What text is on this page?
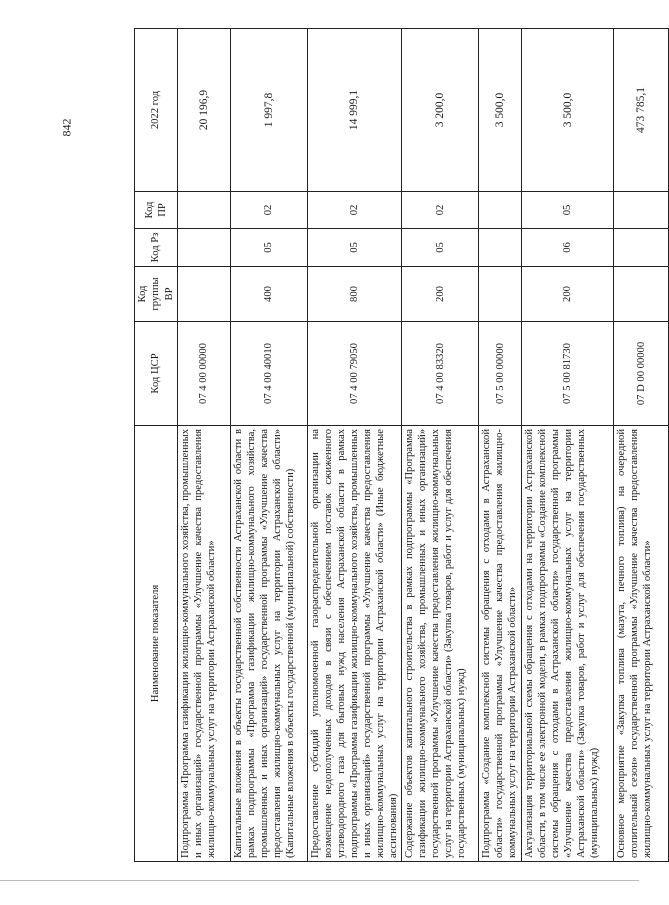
842
Наименование показателя	Код ЦСР	Код группы ВР	Код Рз	Код ПР	2022 год
Подпрограмма «Программа газификации жилищно-коммунального хозяйства, промышленных и иных организаций» государственной программы «Улучшение качества предоставления жилищно-коммунальных услуг на территории Астраханской области»	07 4 00 00000				20 196,9
Капитальные вложения в объекты государственной собственности Астраханской области в рамках подпрограммы «Программа газификации жилищно-коммунального хозяйства, промышленных и иных организаций» государственной программы «Улучшение качества предоставления жилищно-коммунальных услуг на территории Астраханской области» (Капитальные вложения в объекты государственной (муниципальной) собственности)	07 4 00 40010	400	05	02	1 997,8
Предоставление субсидий уполномоченной газораспределительной организации на возмещение недополученных доходов в связи с обеспечением поставок сжиженного углеводородного газа для бытовых нужд населения Астраханской области в рамках подпрограммы «Программа газификации жилищно-коммунального хозяйства, промышленных и иных организаций» государственной программы «Улучшение качества предоставления жилищно-коммунальных услуг на территории Астраханской области» (Иные бюджетные ассигнования)	07 4 00 79050	800	05	02	14 999,1
Содержание объектов капитального строительства в рамках подпрограммы «Программа газификации жилищно-коммунального хозяйства, промышленных и иных организаций» государственной программы «Улучшение качества предоставления жилищно-коммунальных услуг на территории Астраханской области» (Закупка товаров, работ и услуг для обеспечения государственных (муниципальных) нужд)	07 4 00 83320	200	05	02	3 200,0
Подпрограмма «Создание комплексной системы обращения с отходами в Астраханской области» государственной программы «Улучшение качества предоставления жилищно-коммунальных услуг на территории Астраханской области»	07 5 00 00000				3 500,0
Актуализация территориальной схемы обращения с отходами на территории Астраханской области, в том числе ее электронной модели, в рамках подпрограммы «Создание комплексной системы обращения с отходами в Астраханской области» государственной программы «Улучшение качества предоставления жилищно-коммунальных услуг на территории Астраханской области» (Закупка товаров, работ и услуг для обеспечения государственных (муниципальных) нужд)	07 5 00 81730	200	06	05	3 500,0
Основное мероприятие «Закупка топлива (мазута, печного топлива) на очередной отопительный сезон» государственной программы «Улучшение качества предоставления жилищно-коммунальных услуг на территории Астраханской области»	07 D 00 00000				473 785,1
